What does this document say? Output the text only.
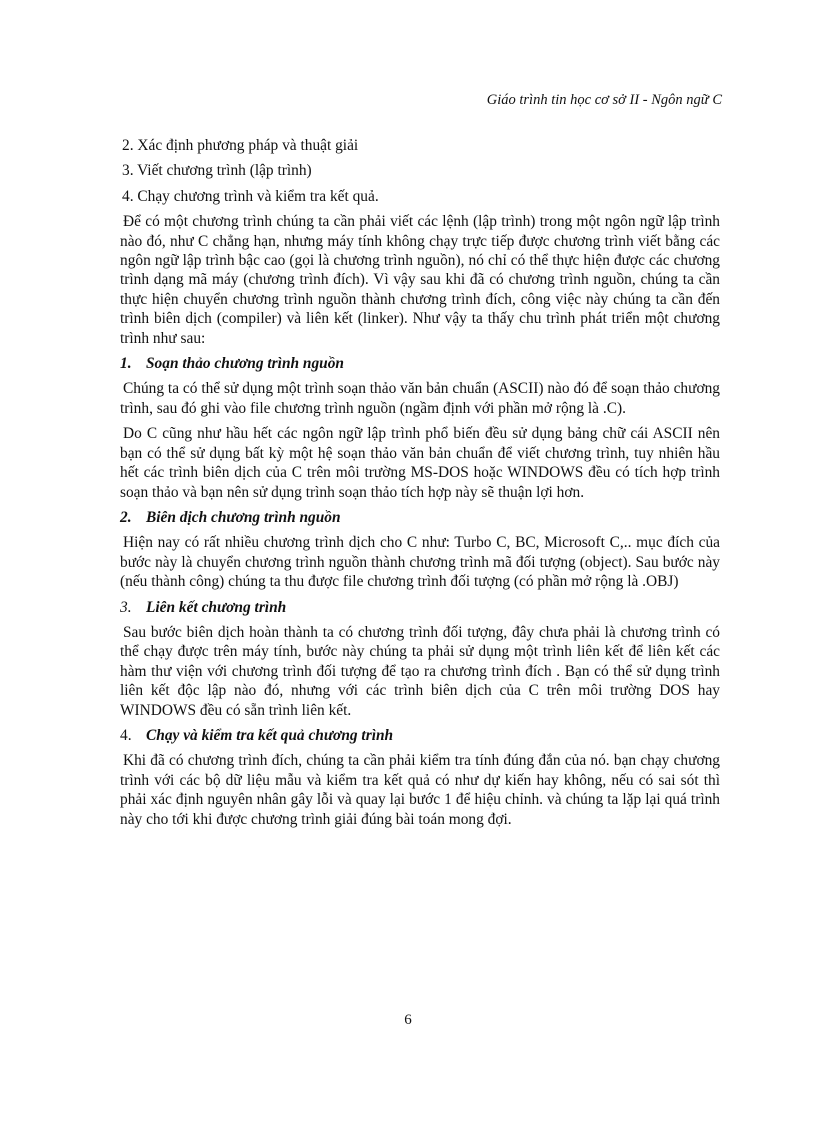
Giáo trình tin học cơ sở II - Ngôn ngữ C

2. Xác định phương pháp và thuật giải

3. Viết chương trình (lập trình)

4. Chạy chương trình và kiểm tra kết quả.

Để có một chương trình chúng ta cần phải viết các lệnh (lập trình) trong một ngôn ngữ lập trình nào đó, như C chẳng hạn, nhưng máy tính không chạy trực tiếp được chương trình viết bằng các ngôn ngữ lập trình bậc cao (gọi là chương trình nguồn), nó chỉ có thể thực hiện được các chương trình dạng mã máy (chương trình đích). Vì vậy sau khi đã có chương trình nguồn, chúng ta cần thực hiện chuyển chương trình nguồn thành chương trình đích, công việc này chúng ta cần đến trình biên dịch (compiler) và liên kết (linker). Như vậy ta thấy chu trình phát triển một chương trình như sau:

1. Soạn thảo chương trình nguồn

Chúng ta có thể sử dụng một trình soạn thảo văn bản chuẩn (ASCII) nào đó để soạn thảo chương trình, sau đó ghi vào file chương trình nguồn (ngầm định với phần mở rộng là .C).

Do C cũng như hầu hết các ngôn ngữ lập trình phổ biến đều sử dụng bảng chữ cái ASCII nên bạn có thể sử dụng bất kỳ một hệ soạn thảo văn bản chuẩn để viết chương trình, tuy nhiên hầu hết các trình biên dịch của C trên môi trường MS-DOS hoặc WINDOWS đều có tích hợp trình soạn thảo và bạn nên sử dụng trình soạn thảo tích hợp này sẽ thuận lợi hơn.

2. Biên dịch chương trình nguồn

Hiện nay có rất nhiều chương trình dịch cho C như: Turbo C, BC, Microsoft C,.. mục đích của bước này là chuyển chương trình nguồn thành chương trình mã đối tượng (object). Sau bước này (nếu thành công) chúng ta thu được file chương trình đối tượng (có phần mở rộng là .OBJ)

3. Liên kết chương trình

Sau bước biên dịch hoàn thành ta có chương trình đối tượng, đây chưa phải là chương trình có thể chạy được trên máy tính, bước này chúng ta phải sử dụng một trình liên kết để liên kết các hàm thư viện với chương trình đối tượng để tạo ra chương trình đích . Bạn có thể sử dụng trình liên kết độc lập nào đó, nhưng với các trình biên dịch của C trên môi trường DOS hay WINDOWS đều có sẵn trình liên kết.

4. Chạy và kiểm tra kết quả chương trình

Khi đã có chương trình đích, chúng ta cần phải kiểm tra tính đúng đắn của nó. bạn chạy chương trình với các bộ dữ liệu mẫu và kiểm tra kết quả có như dự kiến hay không, nếu có sai sót thì phải xác định nguyên nhân gây lỗi và quay lại bước 1 để hiệu chỉnh. và chúng ta lặp lại quá trình này cho tới khi được chương trình giải đúng bài toán mong đợi.

6
